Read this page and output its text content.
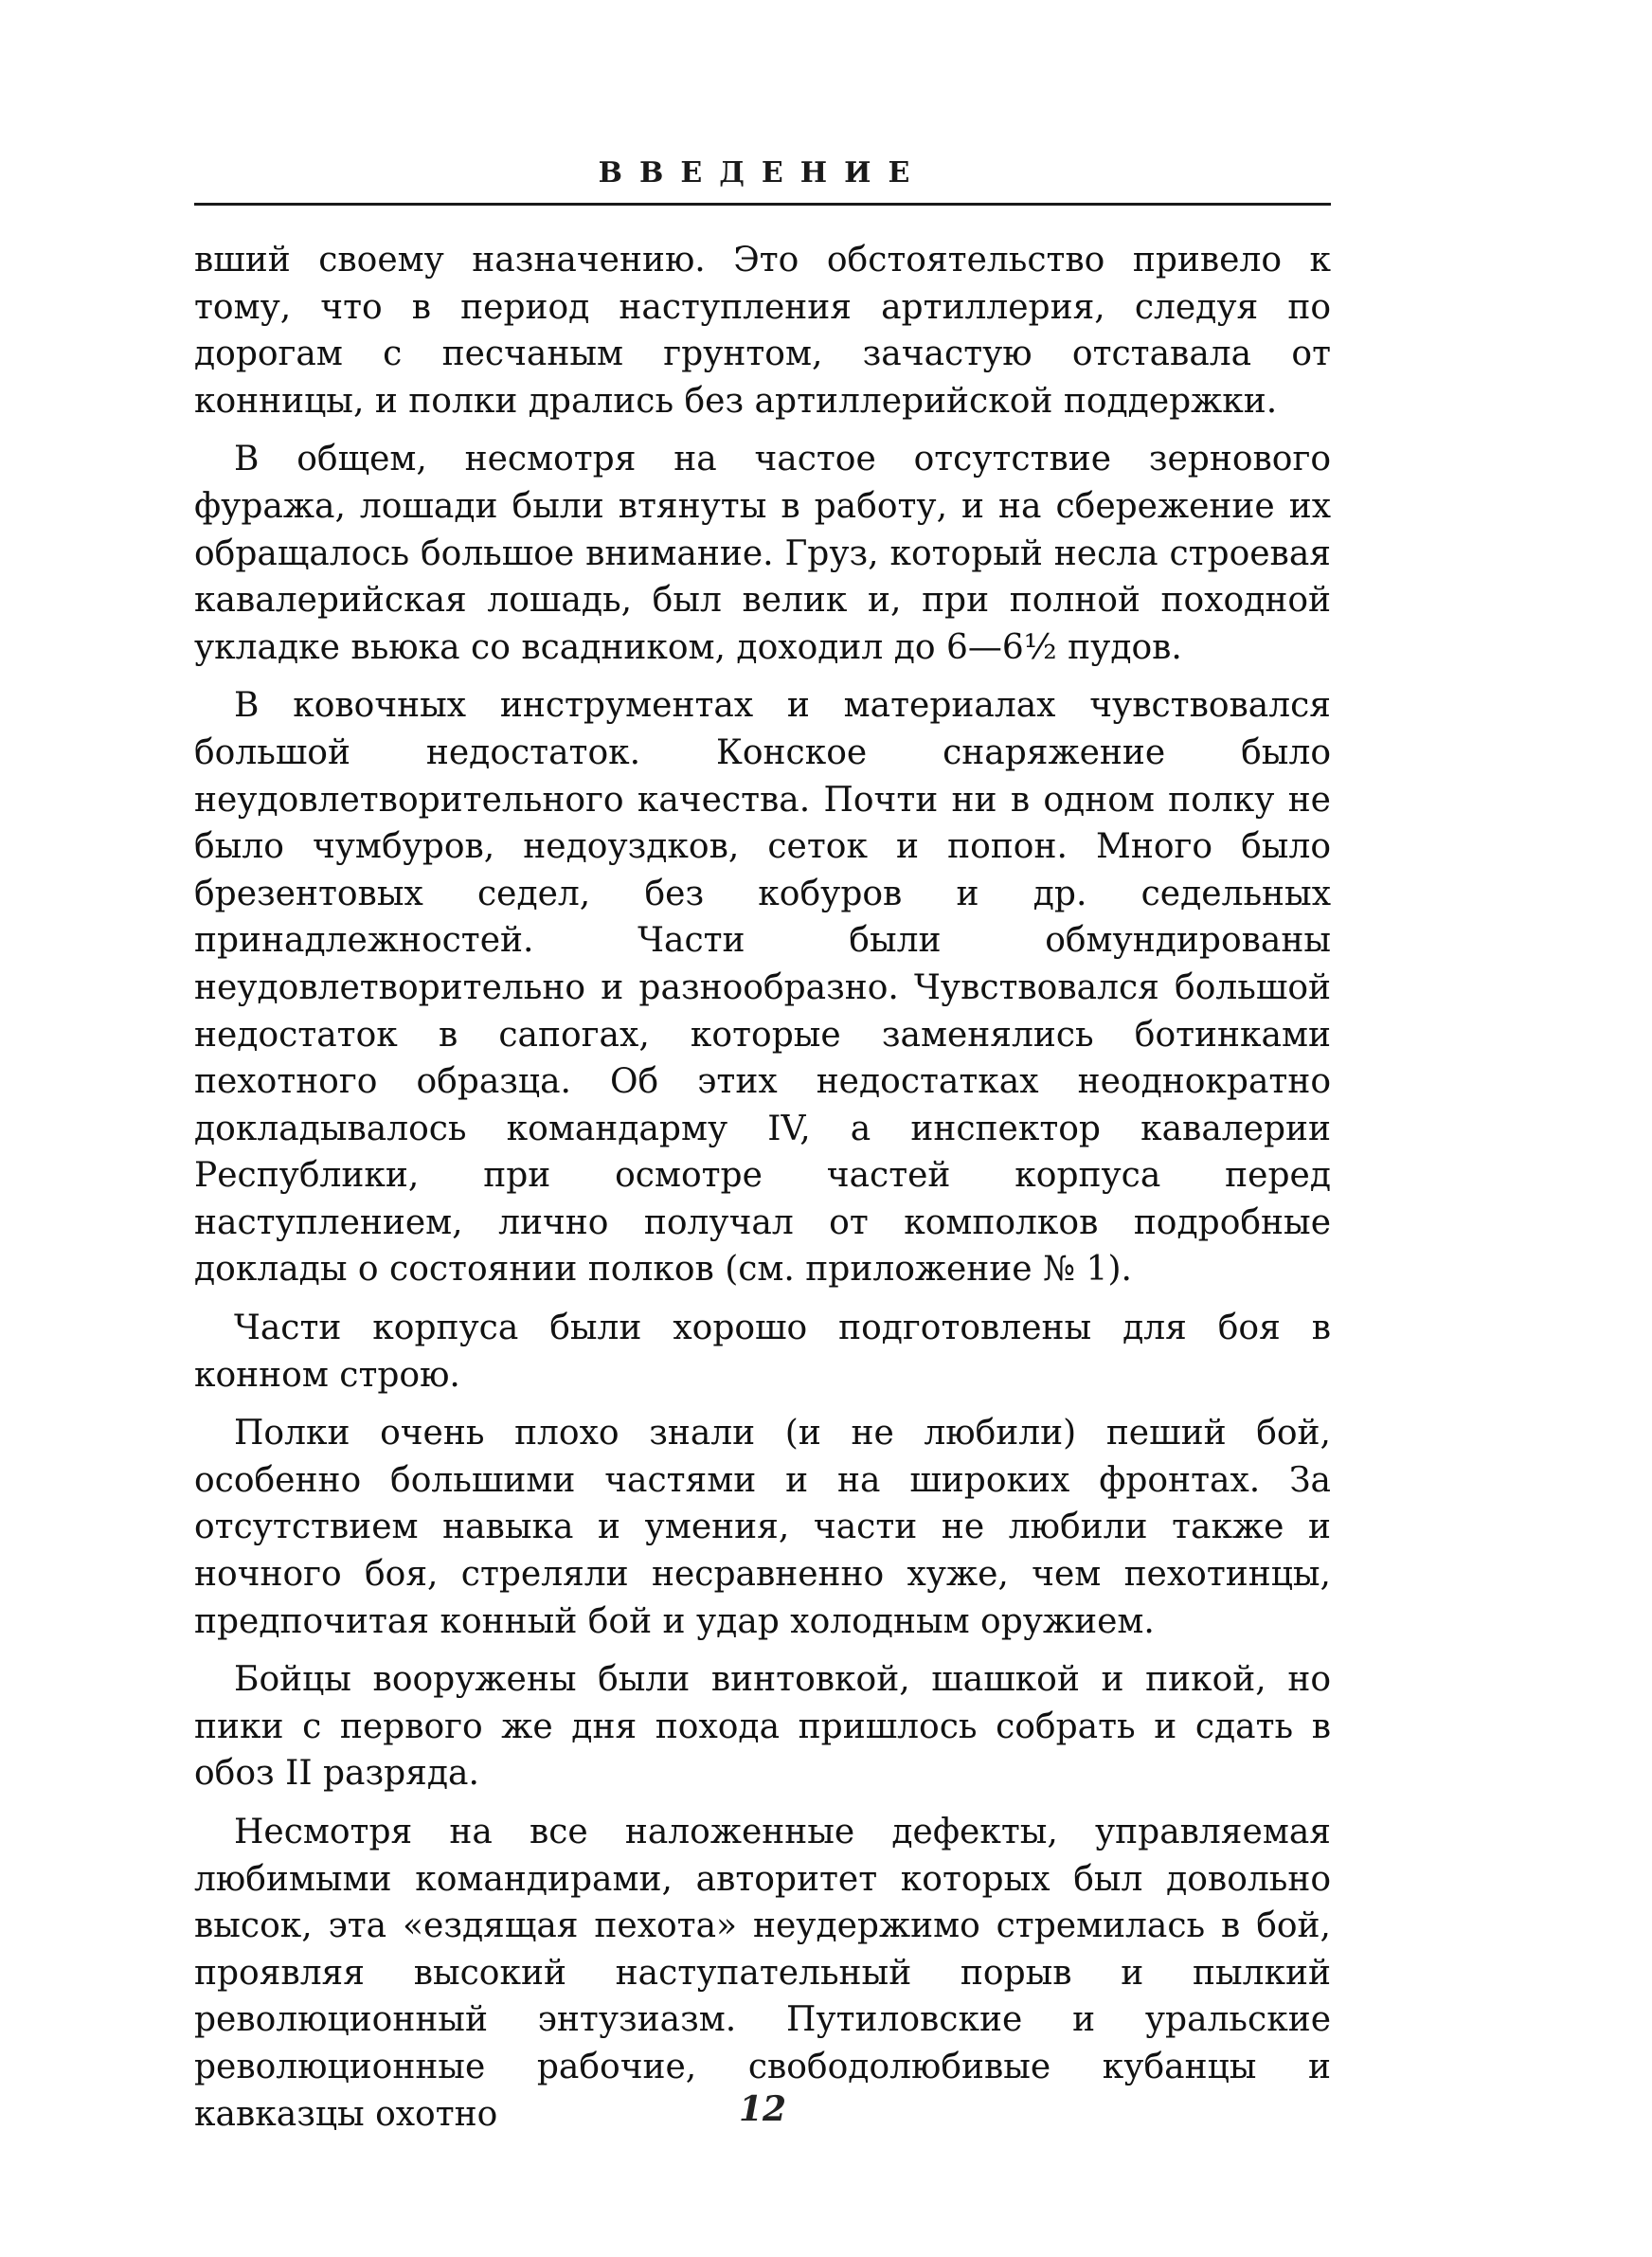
ВВЕДЕНИЕ

вший своему назначению. Это обстоятельство привело к тому, что в период наступления артиллерия, следуя по дорогам с песчаным грунтом, зачастую отставала от конницы, и полки дрались без артиллерийской поддержки.

В общем, несмотря на частое отсутствие зернового фуража, лошади были втянуты в работу, и на сбережение их обращалось большое внимание. Груз, который несла строевая кавалерийская лошадь, был велик и, при полной походной укладке вьюка со всадником, доходил до 6—6½ пудов.

В ковочных инструментах и материалах чувствовался большой недостаток. Конское снаряжение было неудовлетворительного качества. Почти ни в одном полку не было чумбуров, недоуздков, сеток и попон. Много было брезентовых седел, без кобуров и др. седельных принадлежностей. Части были обмундированы неудовлетворительно и разнообразно. Чувствовался большой недостаток в сапогах, которые заменялись ботинками пехотного образца. Об этих недостатках неоднократно докладывалось командарму IV, а инспектор кавалерии Республики, при осмотре частей корпуса перед наступлением, лично получал от комполков подробные доклады о состоянии полков (см. приложение № 1).

Части корпуса были хорошо подготовлены для боя в конном строю.

Полки очень плохо знали (и не любили) пеший бой, особенно большими частями и на широких фронтах. За отсутствием навыка и умения, части не любили также и ночного боя, стреляли несравненно хуже, чем пехотинцы, предпочитая конный бой и удар холодным оружием.

Бойцы вооружены были винтовкой, шашкой и пикой, но пики с первого же дня похода пришлось собрать и сдать в обоз II разряда.

Несмотря на все наложенные дефекты, управляемая любимыми командирами, авторитет которых был довольно высок, эта «ездящая пехота» неудержимо стремилась в бой, проявляя высокий наступательный порыв и пылкий революционный энтузиазм. Путиловские и уральские революционные рабочие, свободолюбивые кубанцы и кавказцы охотно	12
